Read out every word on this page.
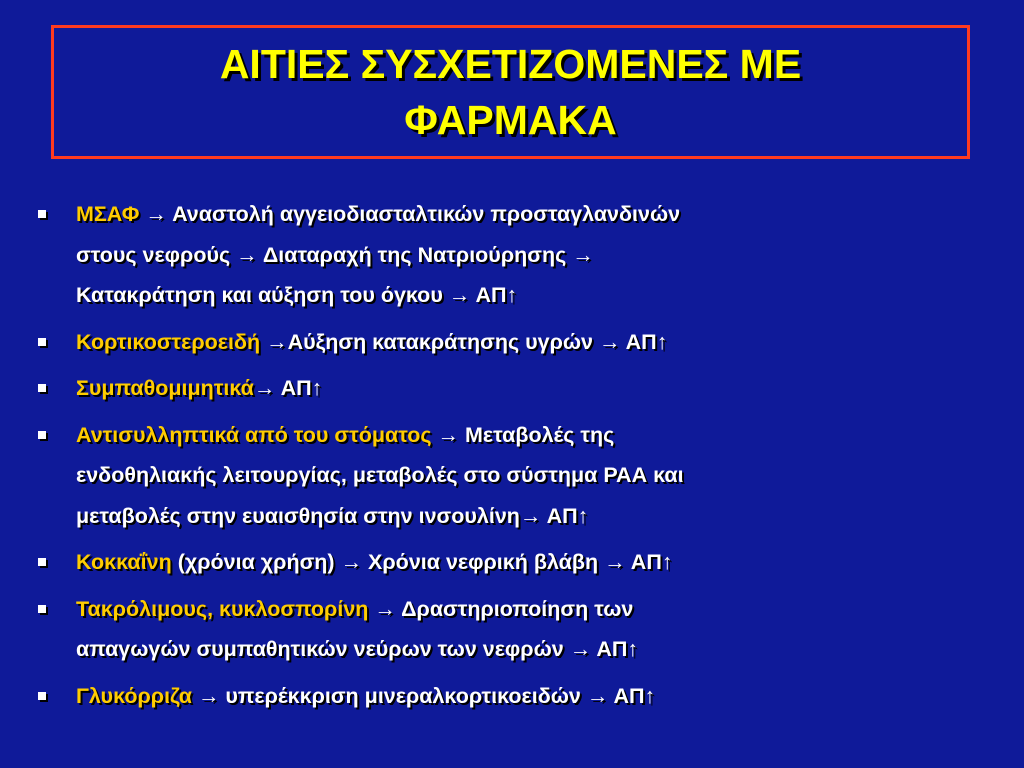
ΑΙΤΙΕΣ ΣΥΣΧΕΤΙΖΟΜΕΝΕΣ ΜΕ
ΦΑΡΜΑΚΑ
ΜΣΑΦ → Αναστολή αγγειοδιασταλτικών προσταγλανδινών
στους νεφρούς → Διαταραχή της Νατριούρησης →
Κατακράτηση και αύξηση του όγκου → ΑΠ↑
Κορτικοστεροειδή →Αύξηση κατακράτησης υγρών → ΑΠ↑
Συμπαθομιμητικά→ ΑΠ↑
Αντισυλληπτικά από του στόματος → Μεταβολές της
ενδοθηλιακής λειτουργίας, μεταβολές στο σύστημα ΡΑΑ και
μεταβολές στην ευαισθησία στην ινσουλίνη→ ΑΠ↑
Κοκκαΐνη (χρόνια χρήση) → Χρόνια νεφρική βλάβη → ΑΠ↑
Τακρόλιμους, κυκλοσπορίνη → Δραστηριοποίηση των
απαγωγών συμπαθητικών νεύρων των νεφρών → ΑΠ↑
Γλυκόρριζα → υπερέκκριση μινεραλκορτικοειδών → ΑΠ↑
